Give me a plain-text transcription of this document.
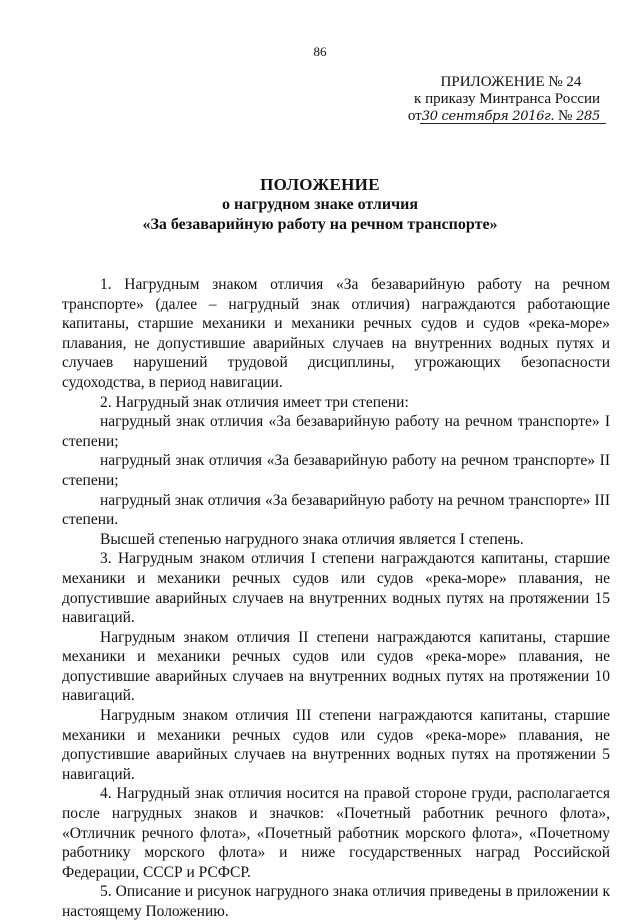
86
ПРИЛОЖЕНИЕ № 24
к приказу Минтранса России
от30 сентября 2016г. № 285
ПОЛОЖЕНИЕ
о нагрудном знаке отличия
«За безаварийную работу на речном транспорте»

1. Нагрудным знаком отличия «За безаварийную работу на речном транспорте» (далее – нагрудный знак отличия) награждаются работающие капитаны, старшие механики и механики речных судов и судов «река-море» плавания, не допустившие аварийных случаев на внутренних водных путях и случаев нарушений трудовой дисциплины, угрожающих безопасности судоходства, в период навигации.

2. Нагрудный знак отличия имеет три степени:

нагрудный знак отличия «За безаварийную работу на речном транспорте» I степени;

нагрудный знак отличия «За безаварийную работу на речном транспорте» II степени;

нагрудный знак отличия «За безаварийную работу на речном транспорте» III степени.

Высшей степенью нагрудного знака отличия является I степень.

3. Нагрудным знаком отличия I степени награждаются капитаны, старшие механики и механики речных судов или судов «река-море» плавания, не допустившие аварийных случаев на внутренних водных путях на протяжении 15 навигаций.

Нагрудным знаком отличия II степени награждаются капитаны, старшие механики и механики речных судов или судов «река-море» плавания, не допустившие аварийных случаев на внутренних водных путях на протяжении 10 навигаций.

Нагрудным знаком отличия III степени награждаются капитаны, старшие механики и механики речных судов или судов «река-море» плавания, не допустившие аварийных случаев на внутренних водных путях на протяжении 5 навигаций.

4. Нагрудный знак отличия носится на правой стороне груди, располагается после нагрудных знаков и значков: «Почетный работник речного флота», «Отличник речного флота», «Почетный работник морского флота», «Почетному работнику морского флота» и ниже государственных наград Российской Федерации, СССР и РСФСР.

5. Описание и рисунок нагрудного знака отличия приведены в приложении к настоящему Положению.
